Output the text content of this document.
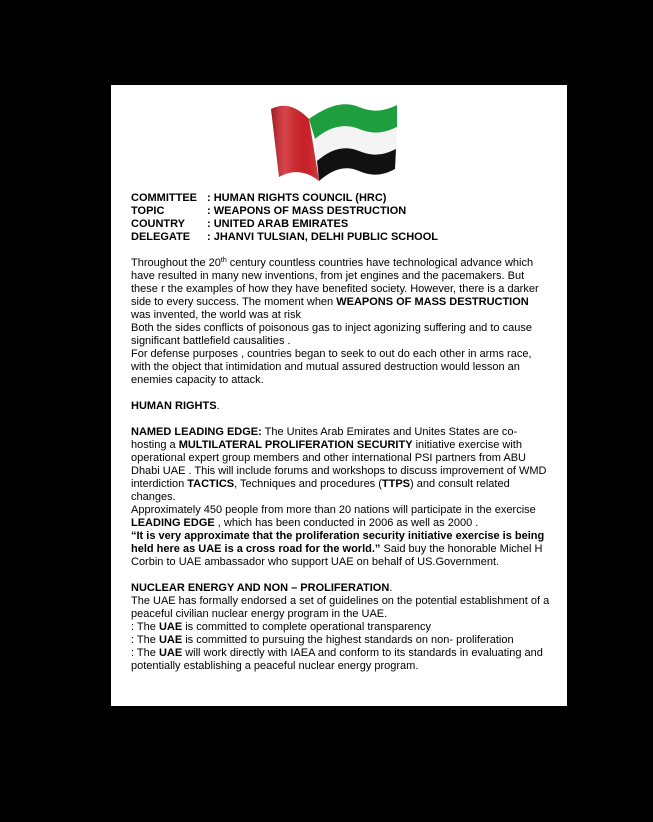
COMMITTEE : HUMAN RIGHTS COUNCIL (HRC)
TOPIC	: WEAPONS OF MASS DESTRUCTION
COUNTRY	: UNITED ARAB EMIRATES
DELEGATE	: JHANVI TULSIAN, DELHI PUBLIC SCHOOL

Throughout the 20th century countless countries have technological advance which have resulted in many new inventions, from jet engines and the pacemakers. But these r the examples of how they have benefited society. However, there is a darker side to every success. The moment when WEAPONS OF MASS DESTRUCTION was invented, the world was at risk

Both the sides conflicts of poisonous gas to inject agonizing suffering and to cause significant battlefield causalities .

For defense purposes , countries began to seek to out do each other in arms race, with the object that intimidation and mutual assured destruction would lesson an enemies capacity to attack.

HUMAN RIGHTS.

NAMED LEADING EDGE: The Unites Arab Emirates and Unites States are co-hosting a MULTILATERAL PROLIFERATION SECURITY initiative exercise with operational expert group members and other international PSI partners from ABU Dhabi UAE . This will include forums and workshops to discuss improvement of WMD interdiction TACTICS, Techniques and procedures (TTPS) and consult related changes.

Approximately 450 people from more than 20 nations will participate in the exercise LEADING EDGE , which has been conducted in 2006 as well as 2000 .
“It is very approximate that the proliferation security initiative exercise is being held here as UAE is a cross road for the world.” Said buy the honorable Michel H Corbin to UAE ambassador who support UAE on behalf of US.Government.

NUCLEAR ENERGY AND NON – PROLIFERATION.

The UAE has formally endorsed a set of guidelines on the potential establishment of a peaceful civilian nuclear energy program in the UAE.

: The UAE is committed to complete operational transparency

: The UAE is committed to pursuing the highest standards on non- proliferation

: The UAE will work directly with IAEA and conform to its standards in evaluating and potentially establishing a peaceful nuclear energy program.
